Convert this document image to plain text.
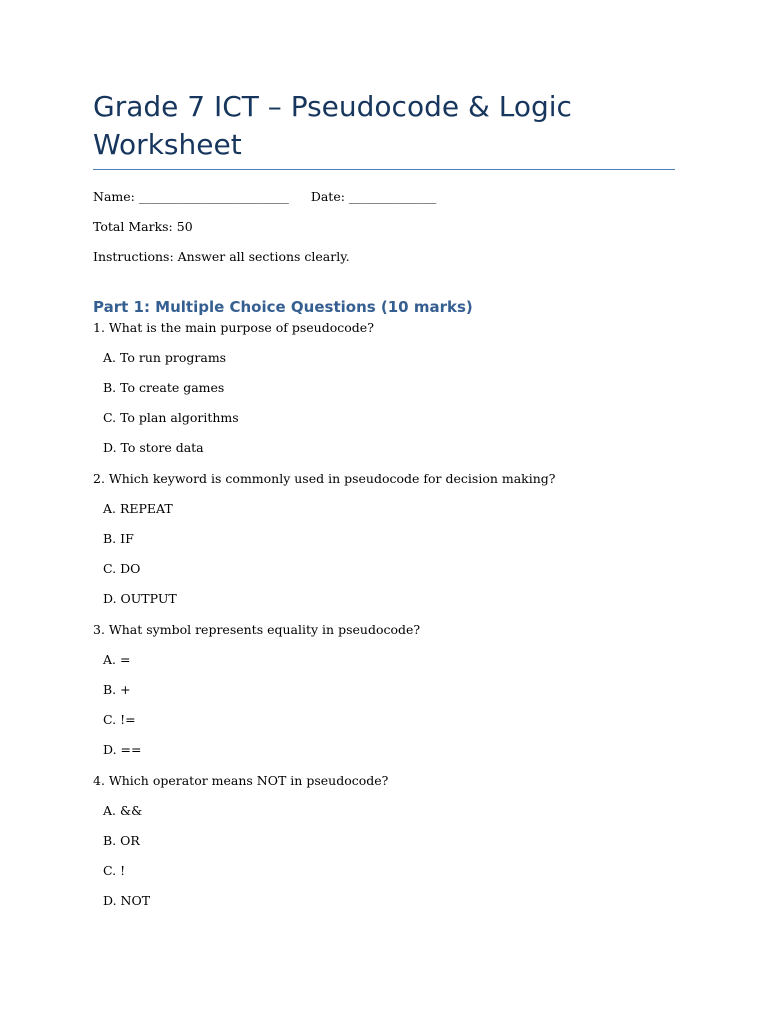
Grade 7 ICT – Pseudocode & Logic Worksheet
Name: ________________________ Date: ______________
Total Marks: 50
Instructions: Answer all sections clearly.
Part 1: Multiple Choice Questions (10 marks)
1. What is the main purpose of pseudocode?
A. To run programs
B. To create games
C. To plan algorithms
D. To store data
2. Which keyword is commonly used in pseudocode for decision making?
A. REPEAT
B. IF
C. DO
D. OUTPUT
3. What symbol represents equality in pseudocode?
A. =
B. +
C. !=
D. ==
4. Which operator means NOT in pseudocode?
A. &&
B. OR
C. !
D. NOT
